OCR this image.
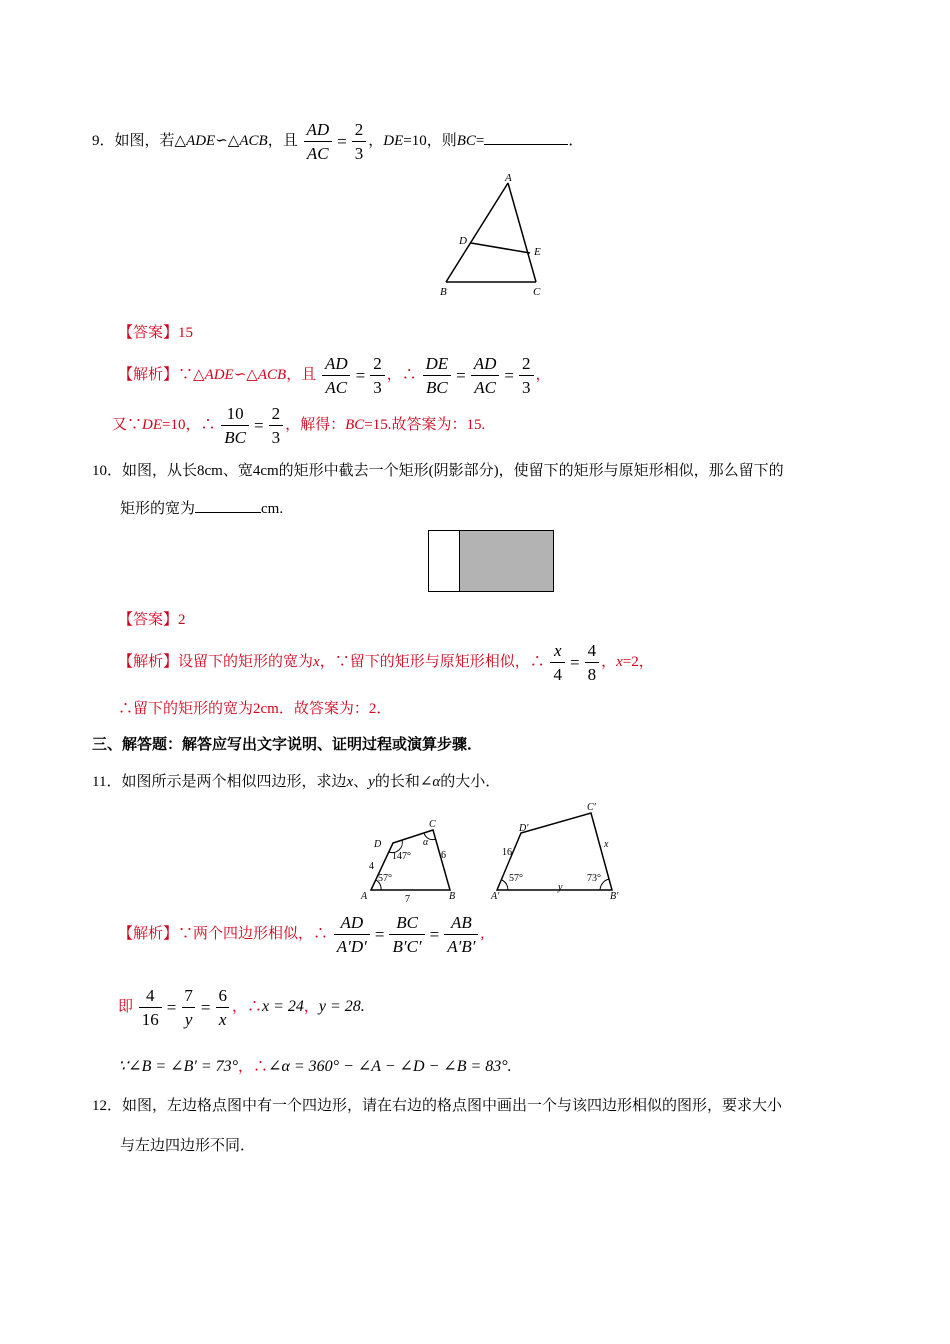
9．如图，若△ADE∽△ACB，且 $\frac{AD}{AC} = \frac{2}{3}$ ，DE=10，则BC=	．
A
D
E
B	C
【答案】15
【解析】∵△ADE∽△ACB，且 $\frac{AD}{AC} = \frac{2}{3}$ ，∴ $\frac{DE}{BC} = \frac{AD}{AC} = \frac{2}{3}$ ，
又∵DE=10，∴ $\frac{10}{BC} = \frac{2}{3}$ ，解得：BC=15.故答案为：15.
10．如图，从长8cm、宽4cm的矩形中截去一个矩形(阴影部分)，使留下的矩形与原矩形相似，那么留下的
矩形的宽为	cm.
【答案】2
【解析】设留下的矩形的宽为x，∵留下的矩形与原矩形相似，∴ $\frac{x}{4} = \frac{4}{8}$ ，x=2，
∴留下的矩形的宽为2cm．故答案为：2．
三、解答题：解答应写出文字说明、证明过程或演算步骤．
11．如图所示是两个相似四边形，求边x、y的长和∠α的大小．
A	B
C
D
147°
57°
α
4
6
7	A′	B′
C′
D′
57°	73°
16
x
y
【解析】∵两个四边形相似，∴ $\frac{AD}{A'D'} = \frac{BC}{B'C'} = \frac{AB}{A'B'}$ ,
即 $\frac{4}{16} = \frac{7}{y} = \frac{6}{x}$ ，∴x = 24，y = 28.
∵∠B = ∠B′ = 73°，∴∠α = 360° − ∠A − ∠D − ∠B = 83°.
12．如图，左边格点图中有一个四边形，请在右边的格点图中画出一个与该四边形相似的图形，要求大小
与左边四边形不同．
